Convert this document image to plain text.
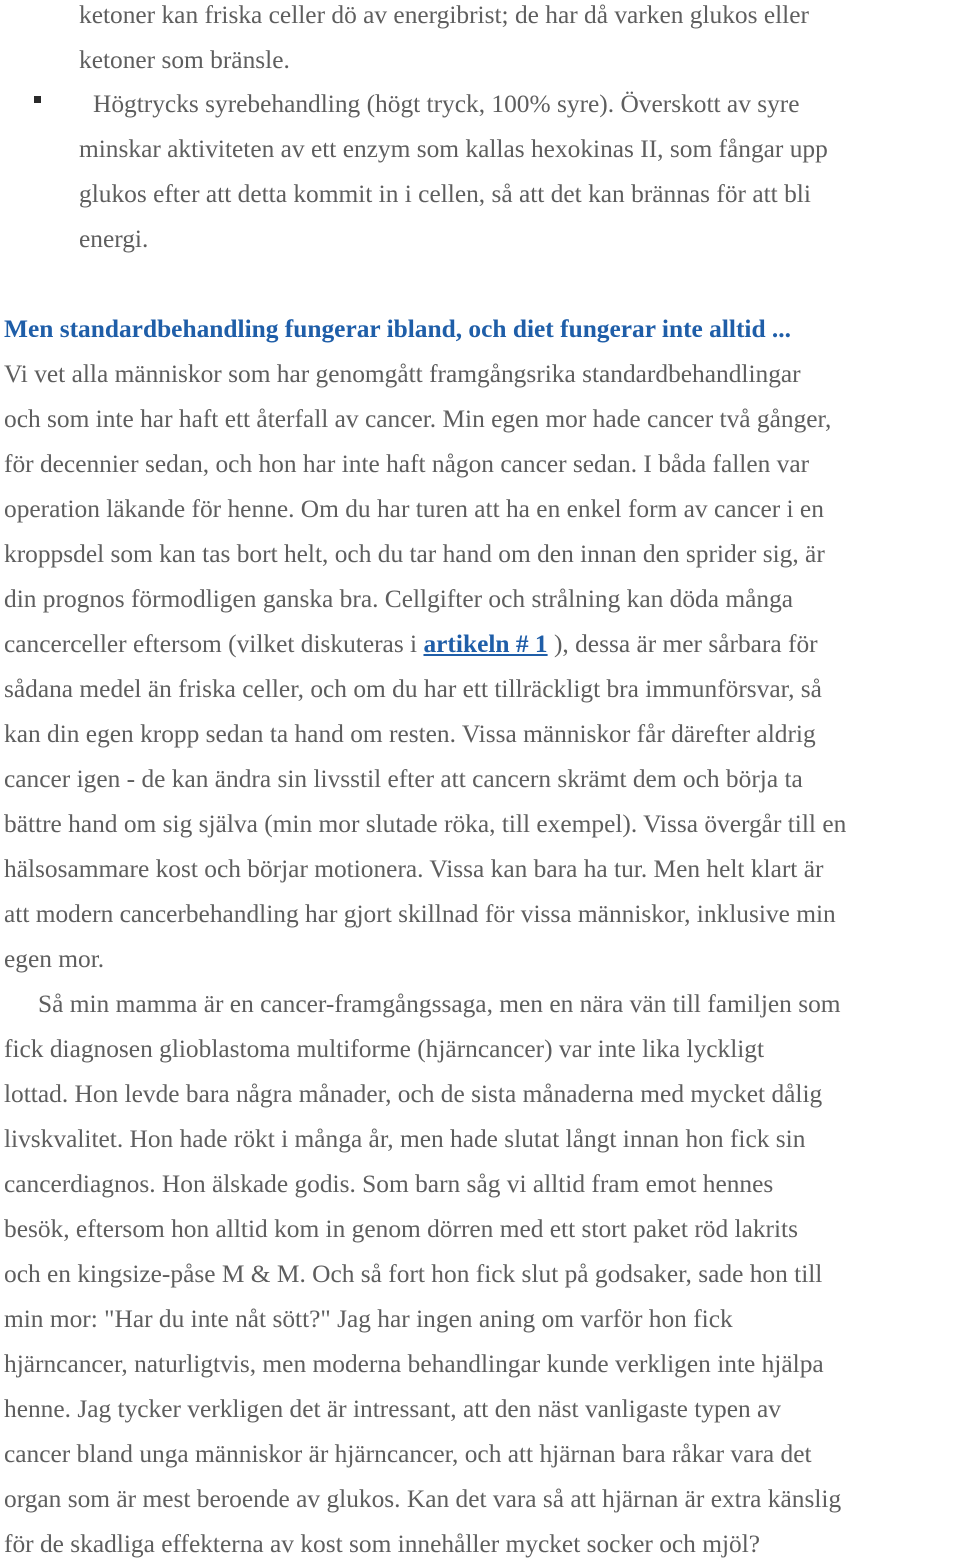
ketoner kan friska celler dö av energibrist; de har då varken glukos eller
ketoner som bränsle.
Högtrycks syrebehandling (högt tryck, 100% syre). Överskott av syre
minskar aktiviteten av ett enzym som kallas hexokinas II, som fångar upp
glukos efter att detta kommit in i cellen, så att det kan brännas för att bli
energi.
Men standardbehandling fungerar ibland, och diet fungerar inte alltid ...
Vi vet alla människor som har genomgått framgångsrika standardbehandlingar
och som inte har haft ett återfall av cancer. Min egen mor hade cancer två gånger,
för decennier sedan, och hon har inte haft någon cancer sedan. I båda fallen var
operation läkande för henne. Om du har turen att ha en enkel form av cancer i en
kroppsdel som kan tas bort helt, och du tar hand om den innan den sprider sig, är
din prognos förmodligen ganska bra. Cellgifter och strålning kan döda många
cancerceller eftersom (vilket diskuteras i artikeln # 1 ), dessa är mer sårbara för
sådana medel än friska celler, och om du har ett tillräckligt bra immunförsvar, så
kan din egen kropp sedan ta hand om resten. Vissa människor får därefter aldrig
cancer igen - de kan ändra sin livsstil efter att cancern skrämt dem och börja ta
bättre hand om sig själva (min mor slutade röka, till exempel). Vissa övergår till en
hälsosammare kost och börjar motionera. Vissa kan bara ha tur. Men helt klart är
att modern cancerbehandling har gjort skillnad för vissa människor, inklusive min
egen mor.
Så min mamma är en cancer-framgångssaga, men en nära vän till familjen som
fick diagnosen glioblastoma multiforme (hjärncancer) var inte lika lyckligt
lottad. Hon levde bara några månader, och de sista månaderna med mycket dålig
livskvalitet. Hon hade rökt i många år, men hade slutat långt innan hon fick sin
cancerdiagnos. Hon älskade godis. Som barn såg vi alltid fram emot hennes
besök, eftersom hon alltid kom in genom dörren med ett stort paket röd lakrits
och en kingsize-påse M & M. Och så fort hon fick slut på godsaker, sade hon till
min mor: "Har du inte nåt sött?" Jag har ingen aning om varför hon fick
hjärncancer, naturligtvis, men moderna behandlingar kunde verkligen inte hjälpa
henne. Jag tycker verkligen det är intressant, att den näst vanligaste typen av
cancer bland unga människor är hjärncancer, och att hjärnan bara råkar vara det
organ som är mest beroende av glukos. Kan det vara så att hjärnan är extra känslig
för de skadliga effekterna av kost som innehåller mycket socker och mjöl?
